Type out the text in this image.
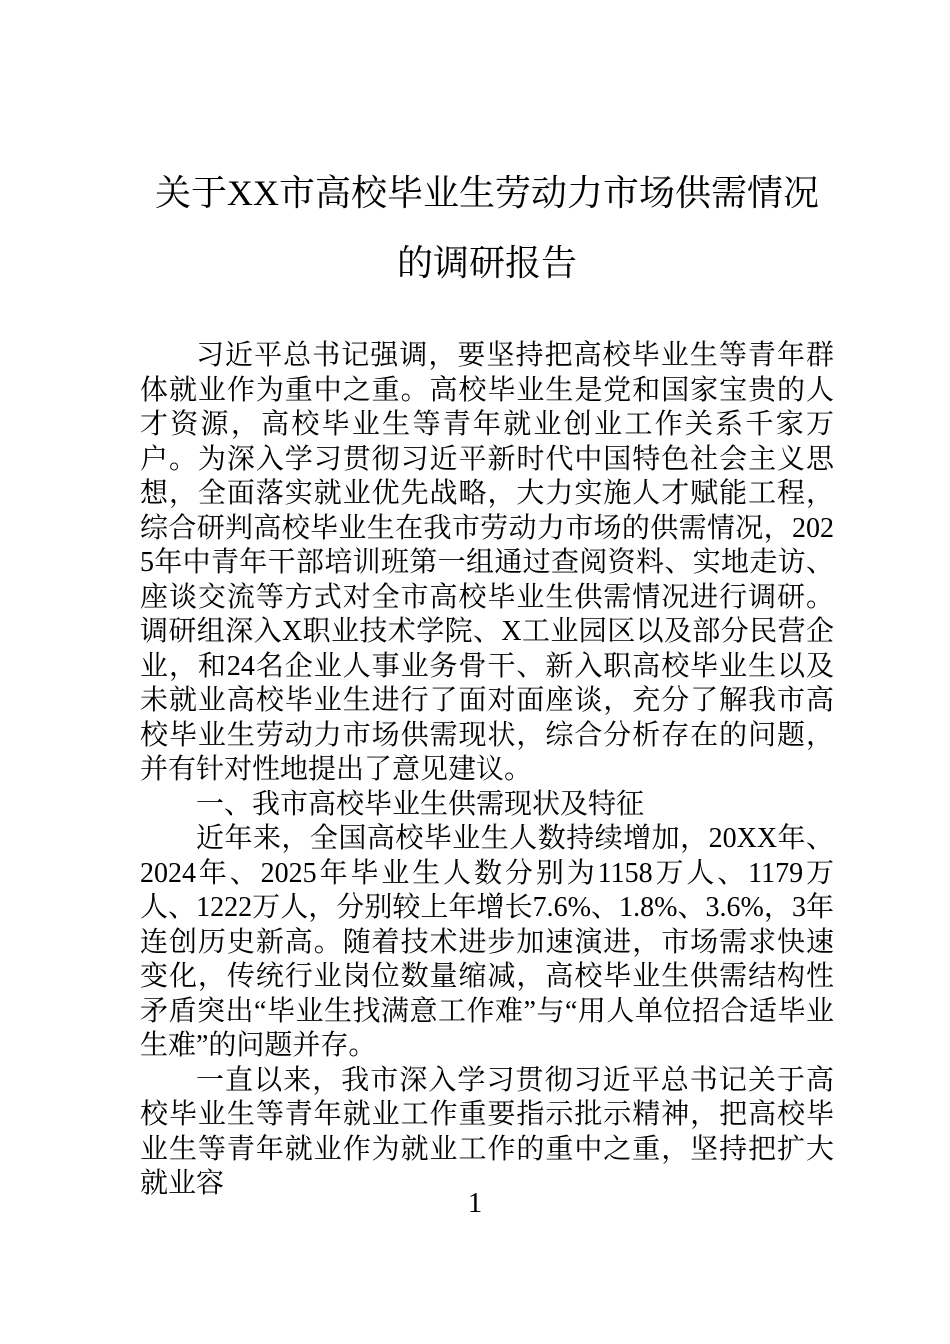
关于XX市高校毕业生劳动力市场供需情况的调研报告

习近平总书记强调，要坚持把高校毕业生等青年群体就业作为重中之重。高校毕业生是党和国家宝贵的人才资源，高校毕业生等青年就业创业工作关系千家万户。为深入学习贯彻习近平新时代中国特色社会主义思想，全面落实就业优先战略，大力实施人才赋能工程，综合研判高校毕业生在我市劳动力市场的供需情况，2025年中青年干部培训班第一组通过查阅资料、实地走访、座谈交流等方式对全市高校毕业生供需情况进行调研。调研组深入X职业技术学院、X工业园区以及部分民营企业，和24名企业人事业务骨干、新入职高校毕业生以及未就业高校毕业生进行了面对面座谈，充分了解我市高校毕业生劳动力市场供需现状，综合分析存在的问题，并有针对性地提出了意见建议。

一、我市高校毕业生供需现状及特征

近年来，全国高校毕业生人数持续增加，20XX年、2024年、2025年毕业生人数分别为1158万人、1179万人、1222万人，分别较上年增长7.6%、1.8%、3.6%，3年连创历史新高。随着技术进步加速演进，市场需求快速变化，传统行业岗位数量缩减，高校毕业生供需结构性矛盾突出“毕业生找满意工作难”与“用人单位招合适毕业生难”的问题并存。

一直以来，我市深入学习贯彻习近平总书记关于高校毕业生等青年就业工作重要指示批示精神，把高校毕业生等青年就业作为就业工作的重中之重，坚持把扩大就业容

1
